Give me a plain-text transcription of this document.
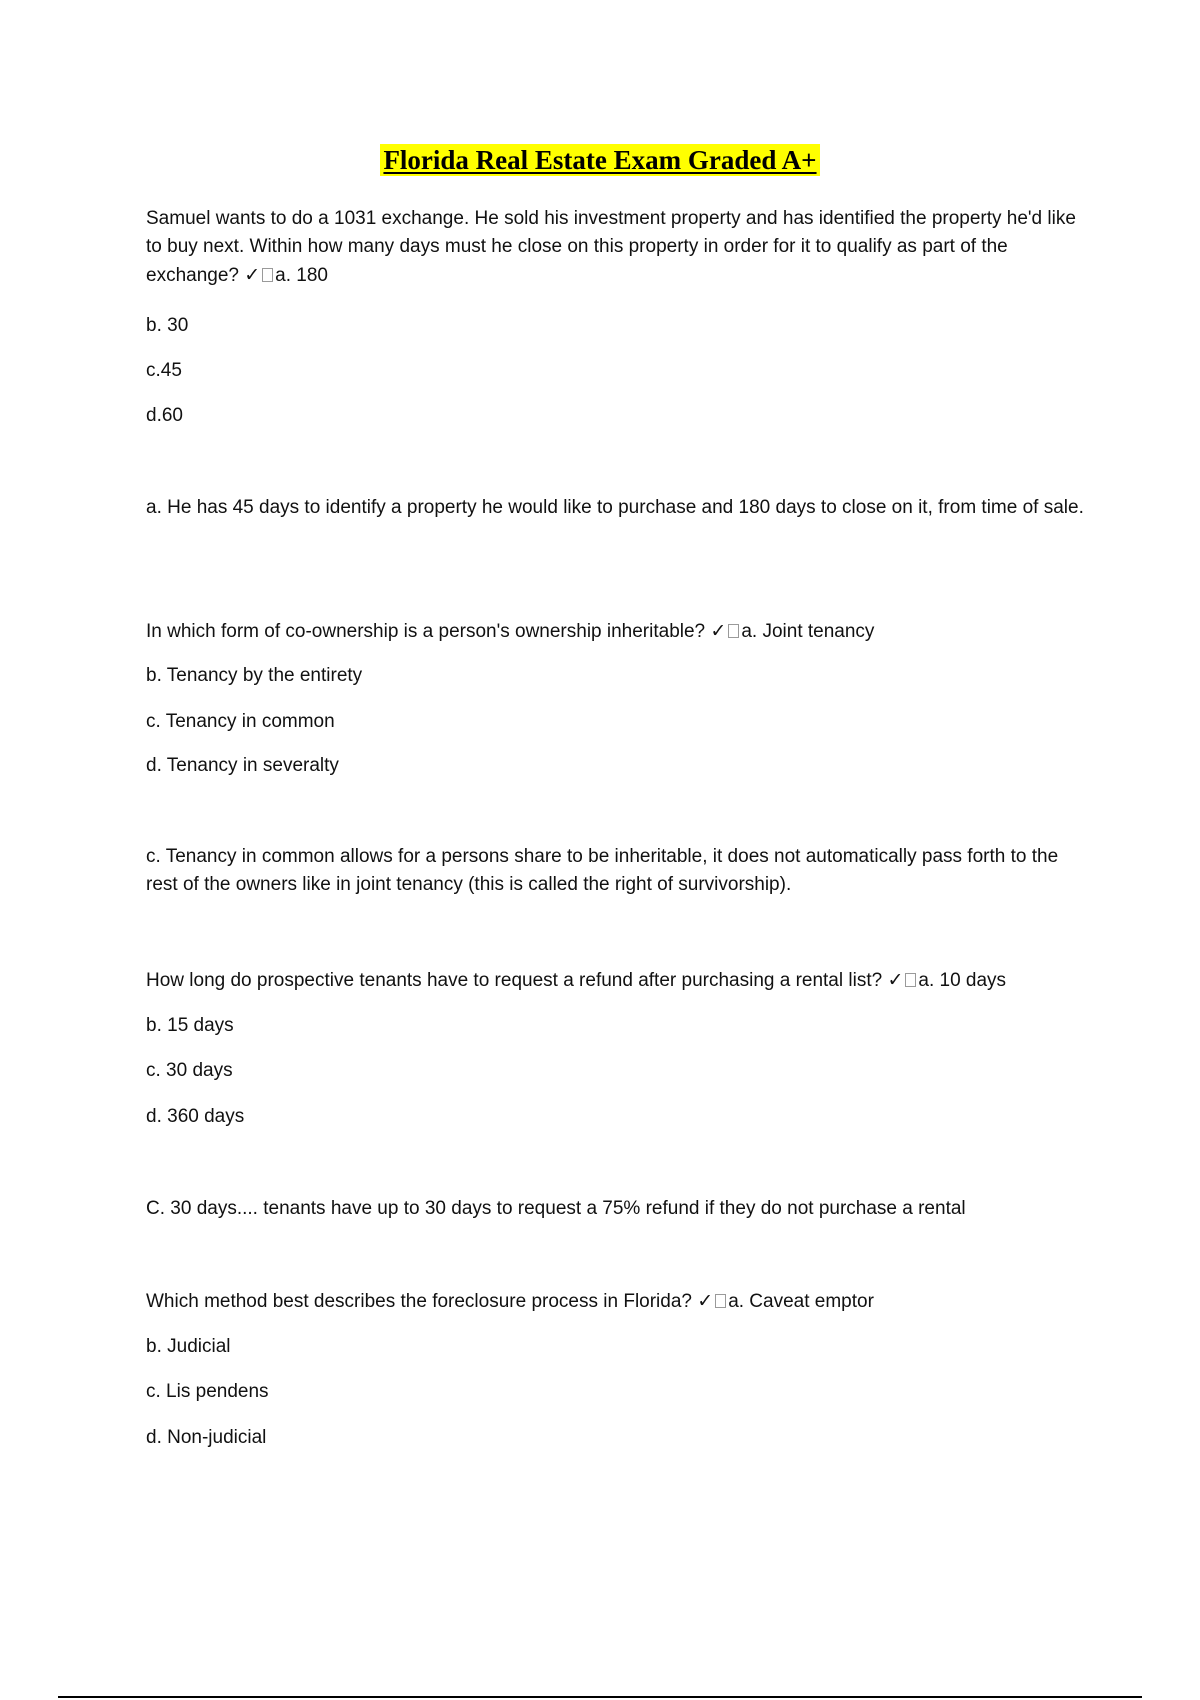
Florida Real Estate Exam Graded A+

Samuel wants to do a 1031 exchange. He sold his investment property and has identified the property he'd like to buy next. Within how many days must he close on this property in order for it to qualify as part of the exchange? ✓ a. 180

b. 30

c.45

d.60

a. He has 45 days to identify a property he would like to purchase and 180 days to close on it, from time of sale.

In which form of co-ownership is a person's ownership inheritable? ✓ a. Joint tenancy

b. Tenancy by the entirety

c. Tenancy in common

d. Tenancy in severalty

c. Tenancy in common allows for a persons share to be inheritable, it does not automatically pass forth to the rest of the owners like in joint tenancy (this is called the right of survivorship).

How long do prospective tenants have to request a refund after purchasing a rental list? ✓ a. 10 days

b. 15 days

c. 30 days

d. 360 days

C. 30 days.... tenants have up to 30 days to request a 75% refund if they do not purchase a rental

Which method best describes the foreclosure process in Florida? ✓ a. Caveat emptor

b. Judicial

c. Lis pendens

d. Non-judicial
